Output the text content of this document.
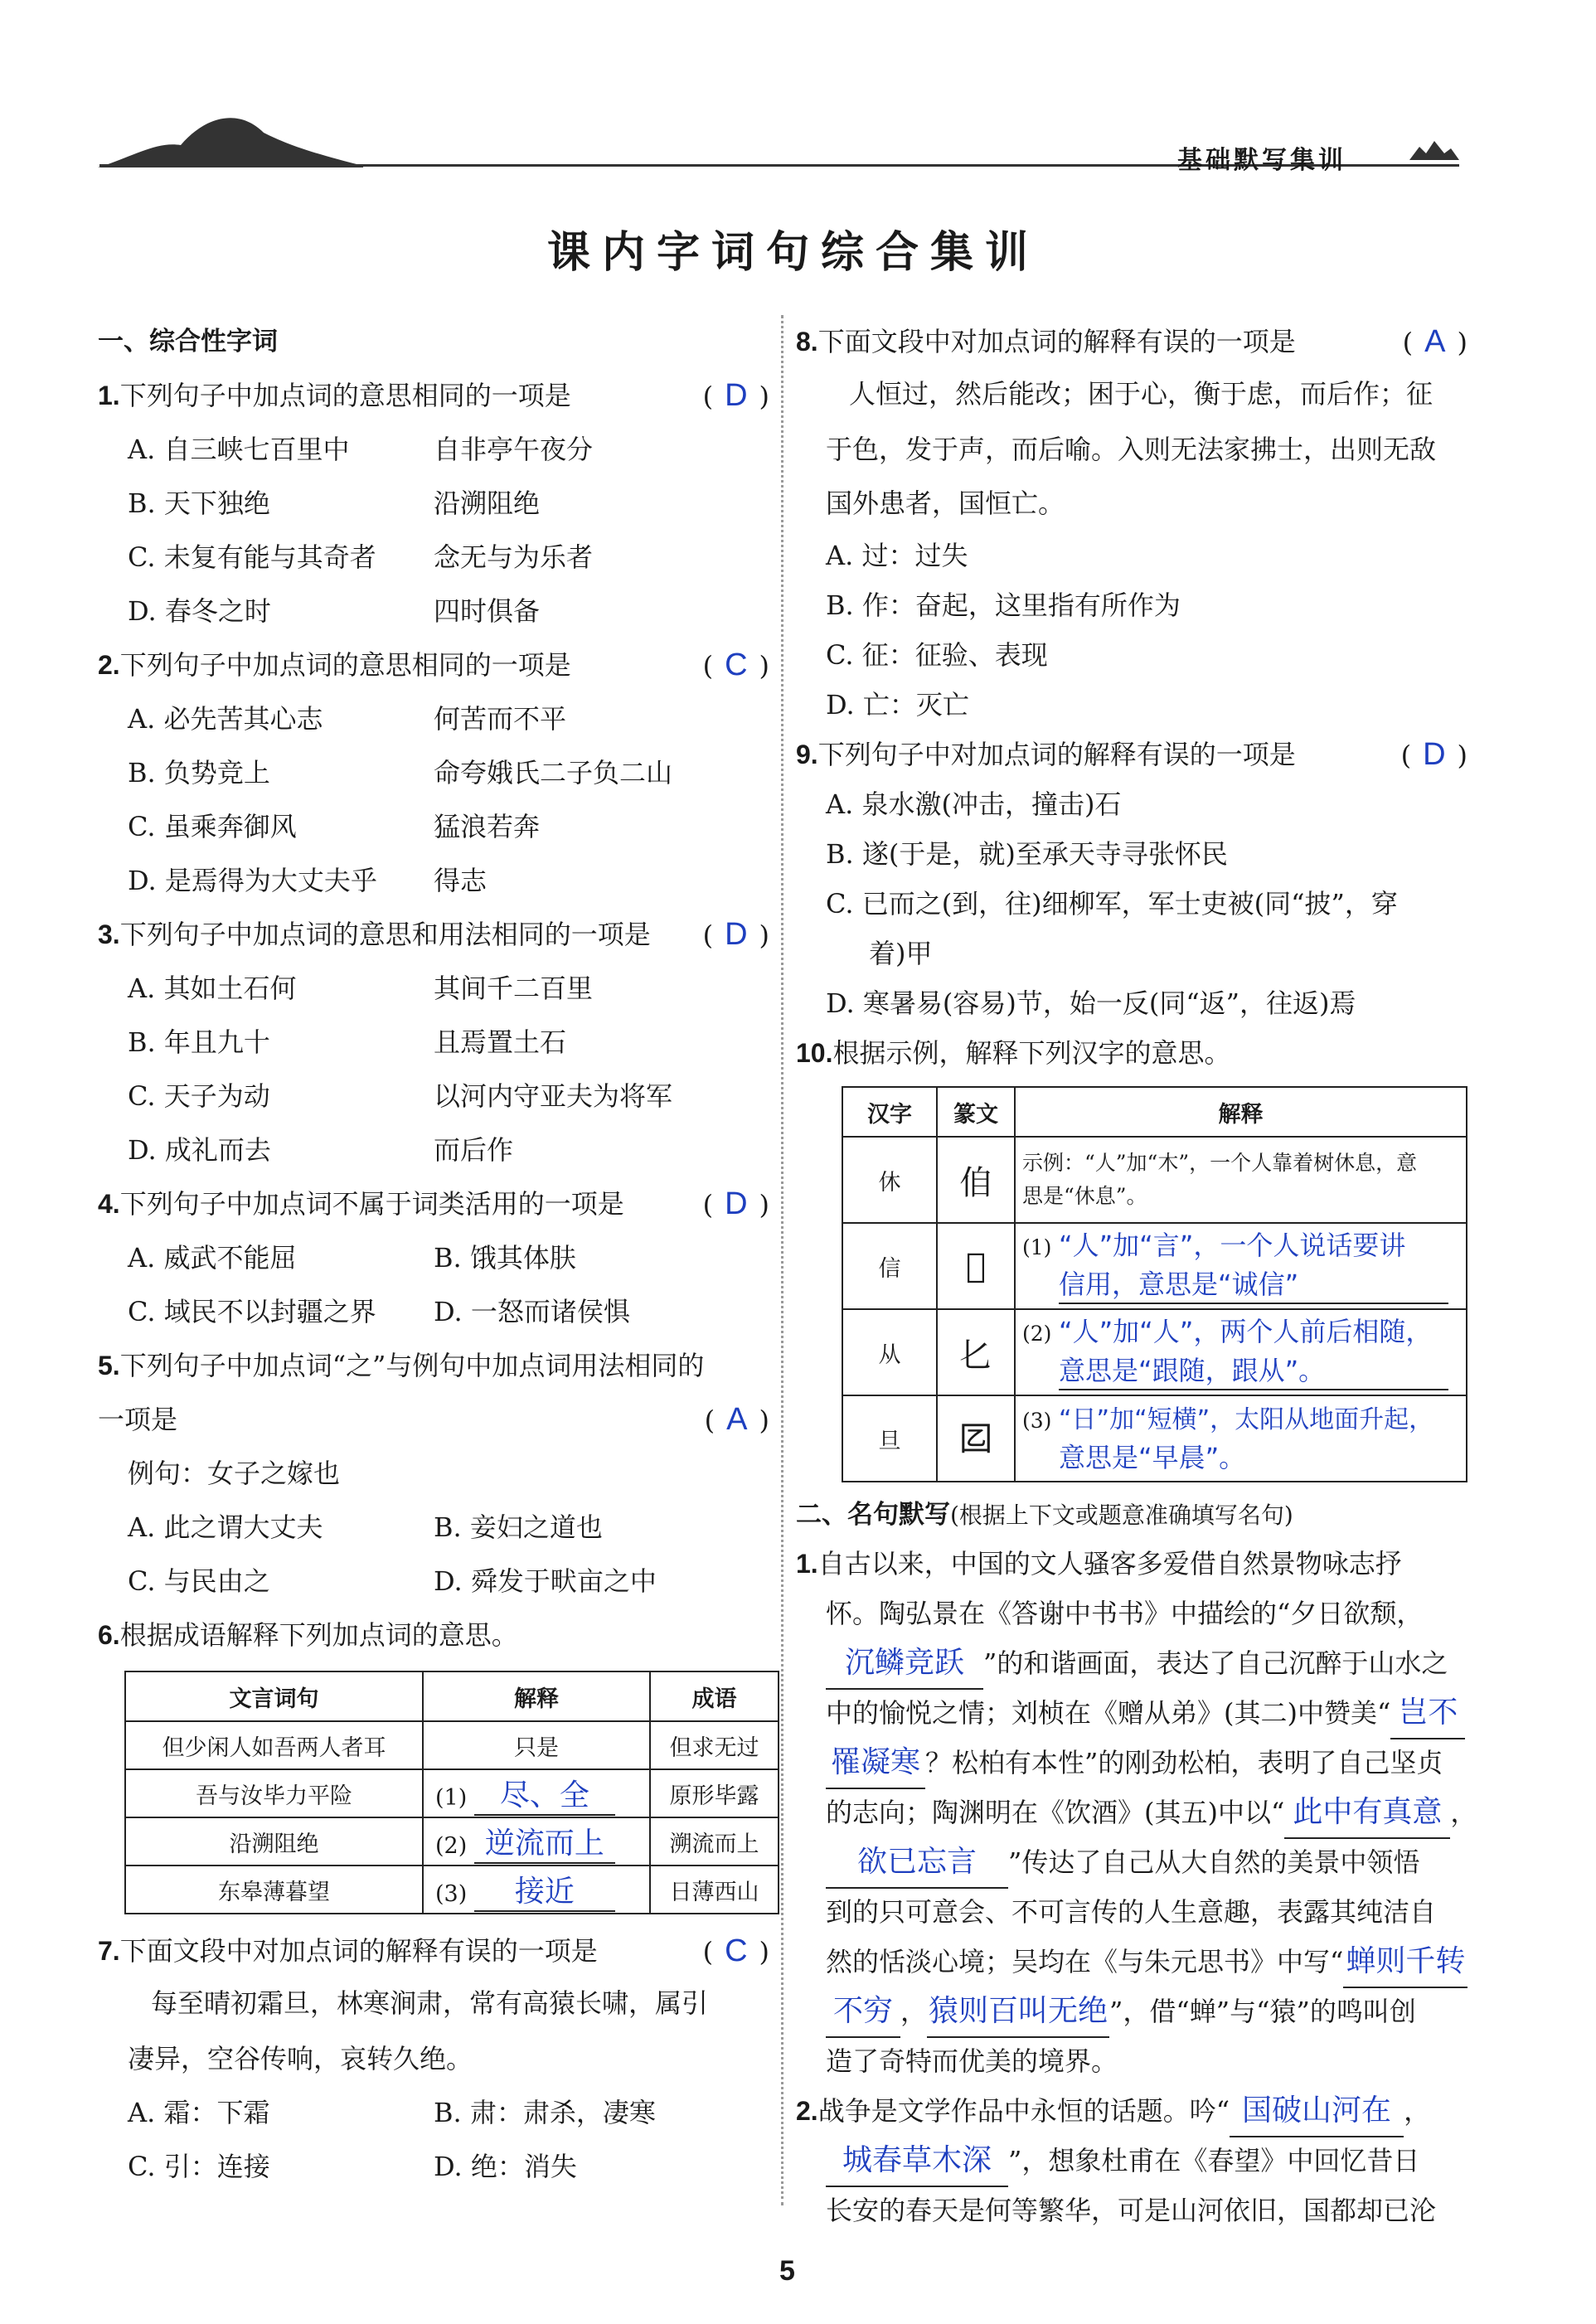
基础默写集训
课内字词句综合集训
一、综合性字词
1.下列句子中加点词的意思相同的一项是	( D )
A. 自三峡七百里中	自非亭午夜分
B. 天下独绝	沿溯阻绝
C. 未复有能与其奇者 念无与为乐者
D. 春冬之时	四时俱备
2.下列句子中加点词的意思相同的一项是	( C )
A. 必先苦其心志	何苦而不平
B. 负势竞上	命夸娥氏二子负二山
C. 虽乘奔御风	猛浪若奔
D. 是焉得为大丈夫乎 得志
3.下列句子中加点词的意思和用法相同的一项是 ( D )
A. 其如土石何	其间千二百里
B. 年且九十	且焉置土石
C. 天子为动	以河内守亚夫为将军
D. 成礼而去	而后作
4.下列句子中加点词不属于词类活用的一项是	( D )
A. 威武不能屈	B. 饿其体肤
C. 域民不以封疆之界 D. 一怒而诸侯惧
5.下列句子中加点词“之”与例句中加点词用法相同的
一项是	( A )
例句：女子之嫁也
A. 此之谓大丈夫	B. 妾妇之道也
C. 与民由之	D. 舜发于畎亩之中
6.根据成语解释下列加点词的意思。
文言词句	解释	成语
但少闲人如吾两人者耳	只是	但求无过
吾与汝毕力平险	(1) 尽、全	原形毕露
沿溯阻绝	(2) 逆流而上	溯流而上
东皋薄暮望	(3) 接近	日薄西山
7.下面文段中对加点词的解释有误的一项是	( C )
每至晴初霜旦，林寒涧肃，常有高猿长啸，属引
凄异，空谷传响，哀转久绝。
A. 霜：下霜	B. 肃：肃杀，凄寒
C. 引：连接	D. 绝：消失
8.下面文段中对加点词的解释有误的一项是	( A )
人恒过，然后能改；困于心，衡于虑，而后作；征
于色，发于声，而后喻。入则无法家拂士，出则无敌
国外患者，国恒亡。
A. 过：过失
B. 作：奋起，这里指有所作为
C. 征：征验、表现
D. 亡：灭亡
9.下列句子中对加点词的解释有误的一项是	( D )
A. 泉水激(冲击，撞击)石
B. 遂(于是，就)至承天寺寻张怀民
C. 已而之(到，往)细柳军，军士吏被(同“披”，穿
着)甲
D. 寒暑易(容易)节，始一反(同“返”，往返)焉
10.根据示例，解释下列汉字的意思。
汉字	篆文	解释
休	㑑	示例：“人”加“木”，一个人靠着树休息，意
思是“休息”。

信	𠻃	(1) “人”加“言”，一个人说话要讲
信用，意思是“诚信”
从	𠤎	(2) “人”加“人”，两个人前后相随，
意思是“跟随，跟从”。
旦	𡆠	(3) “日”加“短横”，太阳从地面升起，
意思是“早晨”。
二、名句默写(根据上下文或题意准确填写名句)
1.自古以来，中国的文人骚客多爱借自然景物咏志抒
怀。陶弘景在《答谢中书书》中描绘的“夕日欲颓，
沉鳞竞跃 ”的和谐画面，表达了自己沉醉于山水之
中的愉悦之情；刘桢在《赠从弟》(其二)中赞美“ 岂不
罹凝寒 ？松柏有本性”的刚劲松柏，表明了自己坚贞
的志向；陶渊明在《饮酒》(其五)中以“ 此中有真意 ，
欲已忘言 ”传达了自己从大自然的美景中领悟
到的只可意会、不可言传的人生意趣，表露其纯洁自
然的恬淡心境；吴均在《与朱元思书》中写“蝉则千转
不穷 ，猿则百叫无绝”，借“蝉”与“猿”的鸣叫创
造了奇特而优美的境界。
2.战争是文学作品中永恒的话题。吟“ 国破山河在 ，
城春草木深 ”，想象杜甫在《春望》中回忆昔日
长安的春天是何等繁华，可是山河依旧，国都却已沦
5
